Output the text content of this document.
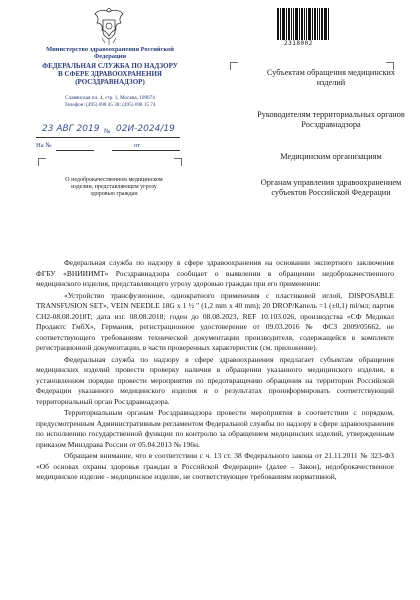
Министерство здравоохранения Российской Федерации
ФЕДЕРАЛЬНАЯ СЛУЖБА ПО НАДЗОРУ
В СФЕРЕ ЗДРАВООХРАНЕНИЯ
(РОСЗДРАВНАДЗОР)
Славянская пл. 4, стр. 1, Москва, 109074
Телефон: (495) 698 45 38; (495) 698 15 74
23 АВГ 2019 № 02И-2024/19
На №	от
О недоброкачественном медицинском изделии, представляющем угрозу здоровью граждан
2318002
Субъектам обращения медицинских изделий
Руководителям территориальных органов Росздравнадзора
Медицинским организациям
Органам управления здравоохранением субъектов Российской Федерации

Федеральная служба по надзору в сфере здравоохранения на основании экспертного заключения ФГБУ «ВНИИИМТ» Росздравнадзора сообщает о выявлении в обращении недоброкачественного медицинского изделия, представляющего угрозу здоровью граждан при его применении:

«Устройство трансфузионное, однократного применения с пластиковой иглой, DISPOSABLE TRANSFUSION SET», VEIN NEEDLE 18G x 1 ½ " (1,2 mm x 40 mm); 20 DROP/Капель =1 (±0,1) ml/мл; партия CH2-08.08.2018T; дата изг. 08.08.2018; годен до 08.08.2023, REF 10.103.026, производства «СФ Медикал Продактс ГмбХ», Германия, регистрационное удостоверение от 09.03.2016 № ФСЗ 2009/05662, не соответствующего требованиям технической документации производителя, содержащейся в комплекте регистрационной документации, в части проверенных характеристик (см. приложение).

Федеральная служба по надзору в сфере здравоохранения предлагает субъектам обращения медицинских изделий провести проверку наличия в обращении указанного медицинского изделия, в установленном порядке провести мероприятия по предотвращению обращения на территории Российской Федерации указанного медицинского изделия и о результатах проинформировать соответствующий территориальный орган Росздравнадзора.

Территориальным органам Росздравнадзора провести мероприятия в соответствии с порядком, предусмотренным Административным регламентом Федеральной службы по надзору в сфере здравоохранения по исполнению государственной функции по контролю за обращением медицинских изделий, утвержденным приказом Минздрава России от 05.04.2013 № 196н.

Обращаем внимание, что в соответствии с ч. 13 ст. 38 Федерального закона от 21.11.2011 № 323-ФЗ «Об основах охраны здоровья граждан в Российской Федерации» (далее – Закон), недоброкачественное медицинское изделие - медицинское изделие, не соответствующее требованиям нормативной,
